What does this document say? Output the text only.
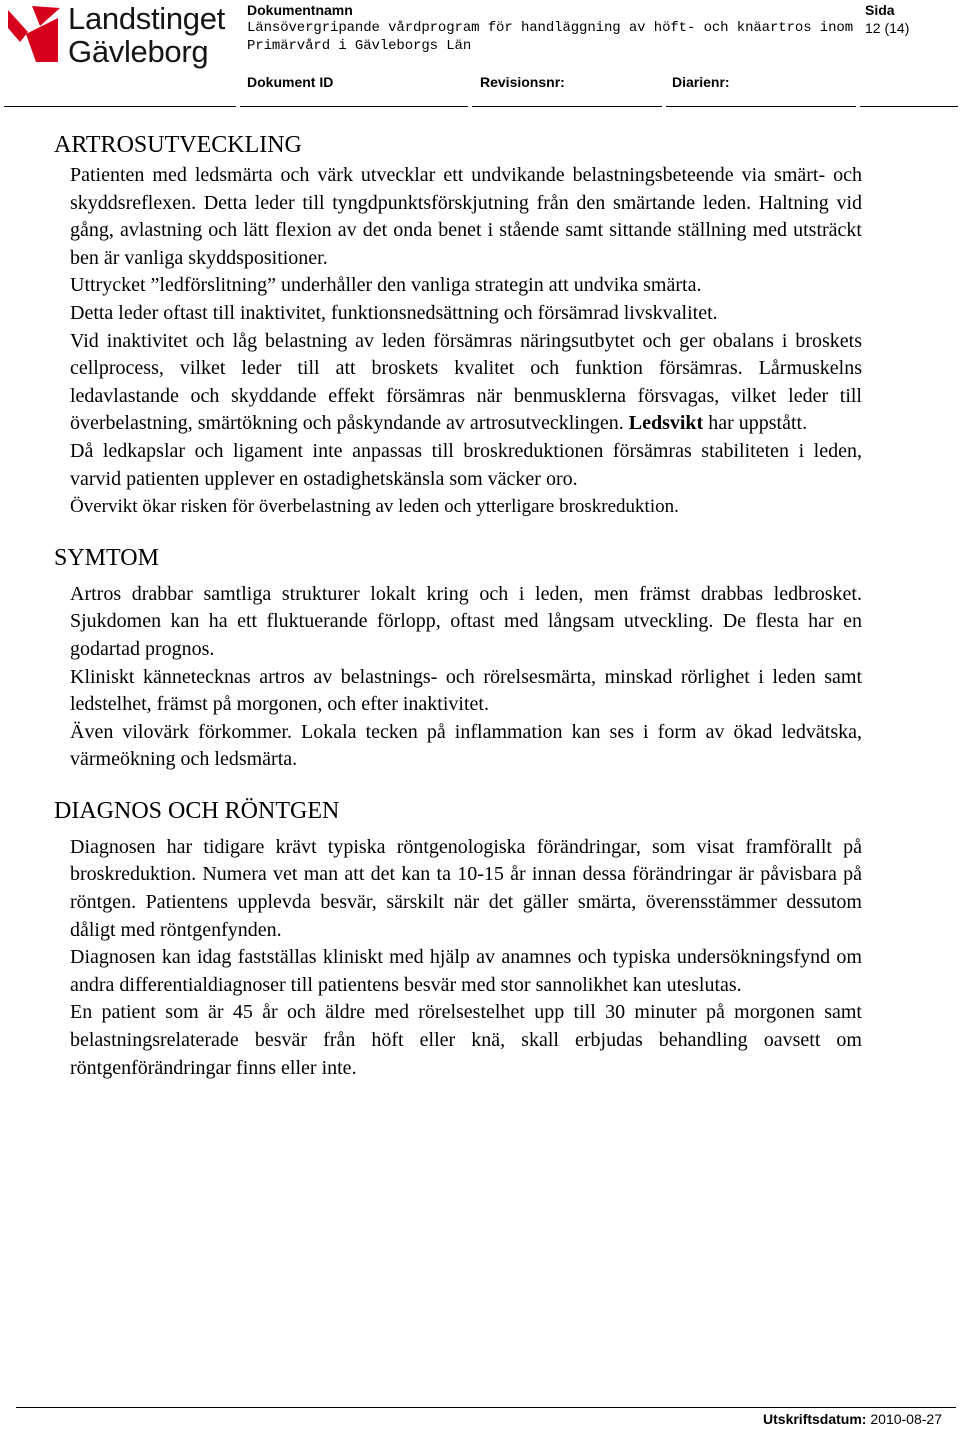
Landstinget
Gävleborg
Dokumentnamn
Länsövergripande vårdprogram för handläggning av höft- och knäartros inom
Primärvård i Gävleborgs Län
Sida
12 (14)
Dokument ID	Revisionsnr:	Diarienr:
ARTROSUTVECKLING

Patienten med ledsmärta och värk utvecklar ett undvikande belastningsbeteende via smärt- och skyddsreflexen. Detta leder till tyngdpunktsförskjutning från den smärtande leden. Haltning vid gång, avlastning och lätt flexion av det onda benet i stående samt sittande ställning med utsträckt ben är vanliga skyddspositioner.

Uttrycket ”ledförslitning” underhåller den vanliga strategin att undvika smärta.

Detta leder oftast till inaktivitet, funktionsnedsättning och försämrad livskvalitet.

Vid inaktivitet och låg belastning av leden försämras näringsutbytet och ger obalans i broskets cellprocess, vilket leder till att broskets kvalitet och funktion försämras. Lårmuskelns ledavlastande och skyddande effekt försämras när benmusklerna försvagas, vilket leder till överbelastning, smärtökning och påskyndande av artrosutvecklingen. Ledsvikt har uppstått.

Då ledkapslar och ligament inte anpassas till broskreduktionen försämras stabiliteten i leden, varvid patienten upplever en ostadighetskänsla som väcker oro.

Övervikt ökar risken för överbelastning av leden och ytterligare broskreduktion.

SYMTOM

Artros drabbar samtliga strukturer lokalt kring och i leden, men främst drabbas ledbrosket. Sjukdomen kan ha ett fluktuerande förlopp, oftast med långsam utveckling. De flesta har en godartad prognos.

Kliniskt kännetecknas artros av belastnings- och rörelsesmärta, minskad rörlighet i leden samt ledstelhet, främst på morgonen, och efter inaktivitet.

Även vilovärk förkommer. Lokala tecken på inflammation kan ses i form av ökad ledvätska, värmeökning och ledsmärta.

DIAGNOS OCH RÖNTGEN

Diagnosen har tidigare krävt typiska röntgenologiska förändringar, som visat framförallt på broskreduktion. Numera vet man att det kan ta 10-15 år innan dessa förändringar är påvisbara på röntgen. Patientens upplevda besvär, särskilt när det gäller smärta, överensstämmer dessutom dåligt med röntgenfynden.

Diagnosen kan idag fastställas kliniskt med hjälp av anamnes och typiska undersökningsfynd om andra differentialdiagnoser till patientens besvär med stor sannolikhet kan uteslutas.

En patient som är 45 år och äldre med rörelsestelhet upp till 30 minuter på morgonen samt belastningsrelaterade besvär från höft eller knä, skall erbjudas behandling oavsett om röntgenförändringar finns eller inte.

Utskriftsdatum: 2010-08-27
